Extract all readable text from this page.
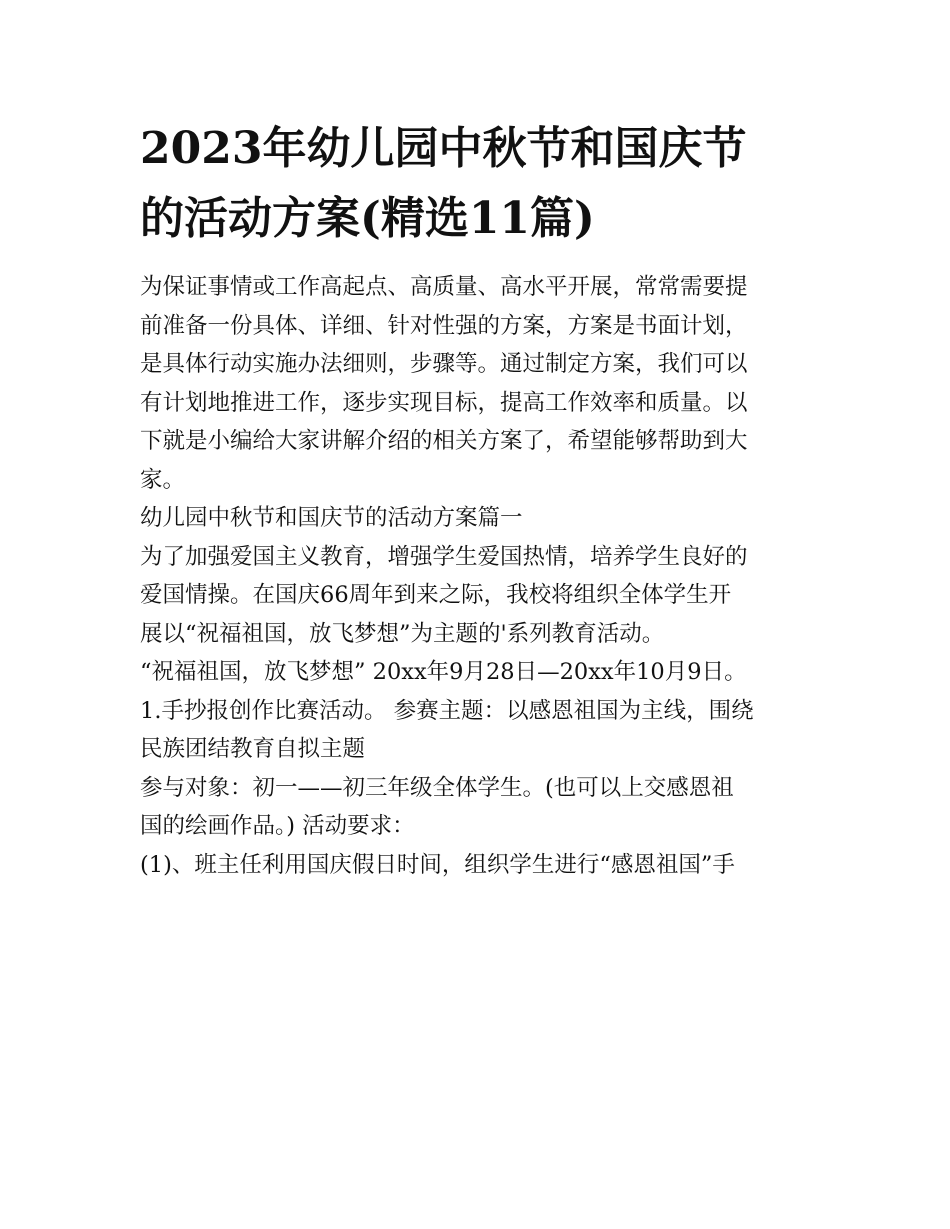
2023年幼儿园中秋节和国庆节
的活动方案(精选11篇)
为保证事情或工作高起点、高质量、高水平开展，常常需要提
前准备一份具体、详细、针对性强的方案，方案是书面计划，
是具体行动实施办法细则，步骤等。通过制定方案，我们可以
有计划地推进工作，逐步实现目标，提高工作效率和质量。以
下就是小编给大家讲解介绍的相关方案了，希望能够帮助到大
家。
幼儿园中秋节和国庆节的活动方案篇一
为了加强爱国主义教育，增强学生爱国热情，培养学生良好的
爱国情操。在国庆66周年到来之际，我校将组织全体学生开
展以“祝福祖国，放飞梦想”为主题的'系列教育活动。
“祝福祖国，放飞梦想” 20xx年9月28日—20xx年10月9日。
1.手抄报创作比赛活动。 参赛主题：以感恩祖国为主线，围绕
民族团结教育自拟主题
参与对象：初一——初三年级全体学生。(也可以上交感恩祖
国的绘画作品。) 活动要求：
(1)、班主任利用国庆假日时间，组织学生进行“感恩祖国”手
